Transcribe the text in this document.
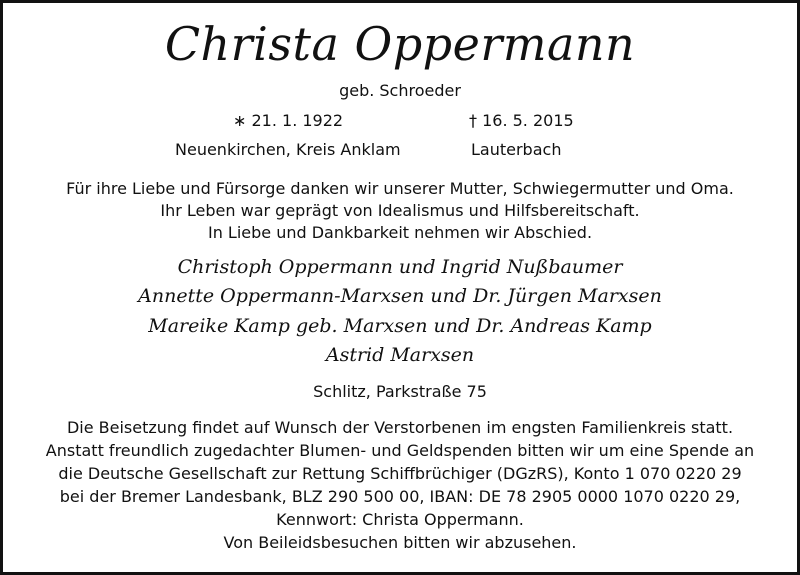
Christa Oppermann
geb. Schroeder
∗ 21. 1. 1922	† 16. 5. 2015
Neuenkirchen, Kreis Anklam	Lauterbach
Für ihre Liebe und Fürsorge danken wir unserer Mutter, Schwiegermutter und Oma.
Ihr Leben war geprägt von Idealismus und Hilfsbereitschaft.
In Liebe und Dankbarkeit nehmen wir Abschied.
Christoph Oppermann und Ingrid Nußbaumer
Annette Oppermann-Marxsen und Dr. Jürgen Marxsen
Mareike Kamp geb. Marxsen und Dr. Andreas Kamp
Astrid Marxsen
Schlitz, Parkstraße 75
Die Beisetzung findet auf Wunsch der Verstorbenen im engsten Familienkreis statt.
Anstatt freundlich zugedachter Blumen- und Geldspenden bitten wir um eine Spende an
die Deutsche Gesellschaft zur Rettung Schiffbrüchiger (DGzRS), Konto 1 070 0220 29
bei der Bremer Landesbank, BLZ 290 500 00, IBAN: DE 78 2905 0000 1070 0220 29,
Kennwort: Christa Oppermann.
Von Beileidsbesuchen bitten wir abzusehen.
